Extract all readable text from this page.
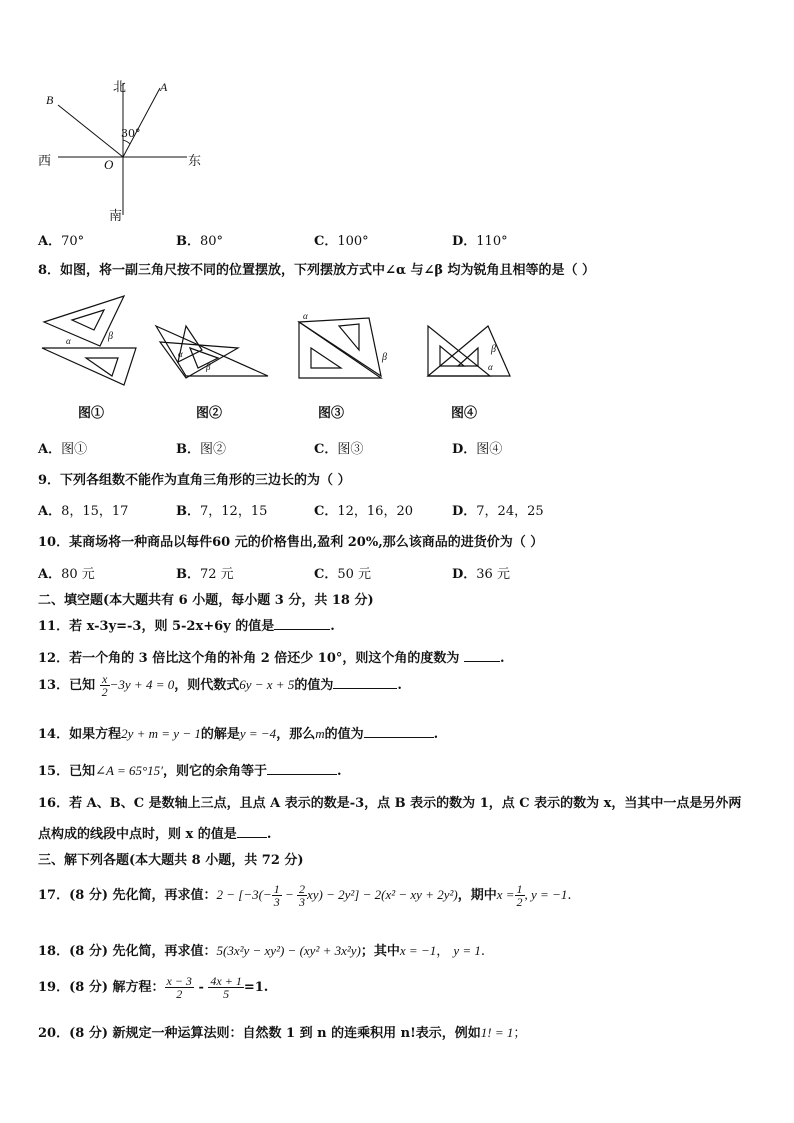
北
南
东
西	O
A
B
30°
A．70°	B．80°	C．100°	D．110°
8．如图，将一副三角尺按不同的位置摆放，下列摆放方式中∠α 与∠β 均为锐角且相等的是（ ）
α	β
α
β
α
β
α
β
图①	图②	图③	图④
A．图①	B．图②	C．图③	D．图④
9．下列各组数不能作为直角三角形的三边长的为（ ）
A．8，15，17	B．7，12，15	C．12，16，20	D．7，24，25
10．某商场将一种商品以每件60 元的价格售出,盈利 20%,那么该商品的进货价为（ ）
A．80 元	B．72 元	C．50 元	D．36 元
二、填空题(本大题共有 6 小题，每小题 3 分，共 18 分)
11．若 x-3y=-3，则 5-2x+6y 的值是	.
12．若一个角的 3 倍比这个角的补角 2 倍还少 10°，则这个角的度数为	.
13．已知 $\frac{x}{2} -3y + 4 = 0$，则代数式6y − x + 5的值为	.
14．如果方程2y + m = y − 1的解是y = −4，那么m的值为	.
15．已知∠A = 65°15′，则它的余角等于	.
16．若 A、B、C 是数轴上三点，且点 A 表示的数是-3，点 B 表示的数为 1，点 C 表示的数为 x，当其中一点是另外两
点构成的线段中点时，则 x 的值是 .
三、解下列各题(本大题共 8 小题，共 72 分)
17．(8 分) 先化简，再求值：$2 - [-3(- \frac{1}{3} - \frac{2}{3} xy) - 2y^2] - 2(x^2$ − xy + 2y²)，期中$x = \frac{1}{2}$ , y = −1.
18．(8 分) 先化简，再求值：5(3x²y − xy²) − (xy² + 3x²y)；其中x = −1， y = 1.
19．(8 分) 解方程： $\frac{x - 3}{2} - \frac{4x + 1}{5} =1$.
20．(8 分) 新规定一种运算法则：自然数 1 到 n 的连乘积用 n!表示，例如1! = 1；
